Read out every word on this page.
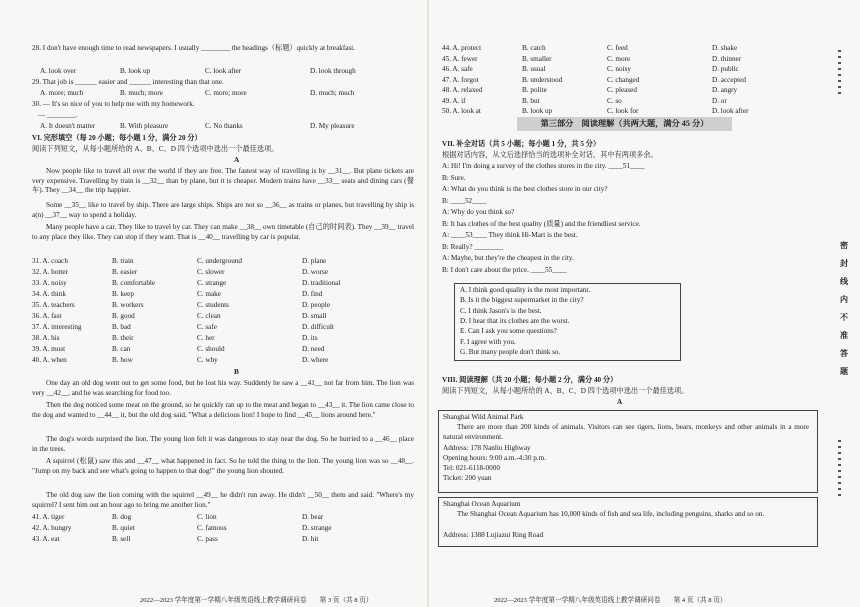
28. I don't have enough time to read newspapers. I usually ________ the headings（标题）quickly at breakfast.
A. look over	B. look up	C. look after	D. look through
29. That job is ______ easier and ______ interesting than that one.
A. more; much	B. much; more	C. more; more	D. much; much
30. — It's so nice of you to help me with my homework.
— ________.
A. It doesn't matter	B. With pleasure	C. No thanks	D. My pleasure
VI. 完形填空（每 20 小题；每小题 1 分，满分 20 分）
阅读下列短文，从每小题所给的 A、B、C、D 四个选项中选出一个最佳选项。
A
Now people like to travel all over the world if they are free. The fastest way of travelling is by __31__. But plane tickets are very expensive. Travelling by train is __32__ than by plane, but it is cheaper. Modern trains have __33__ seats and dining cars (餐车). They __34__ the trip happier.
Some __35__ like to travel by ship. There are large ships. Ships are not so __36__ as trains or planes, but travelling by ship is a(n) __37__ way to spend a holiday.
Many people have a car. They like to travel by car. They can make __38__ own timetable (自己的时间表). They __39__ travel to any place they like. They can stop if they want. That is __40__ travelling by car is popular.
31. A. coach	B. train	C. underground	D. plane
32. A. hotter	B. easier	C. slower	D. worse
33. A. noisy	B. comfortable	C. strange	D. traditional
34. A. think	B. keep	C. make	D. find
35. A. teachers	B. workers	C. students	D. people
36. A. fast	B. good	C. clean	D. small
37. A. interesting	B. bad	C. safe	D. difficult
38. A. his	B. their	C. her	D. its
39. A. must	B. can	C. should	D. need
40. A. when	B. how	C. why	D. where
B
One day an old dog went out to get some food, but he lost his way. Suddenly he saw a __41__ not far from him. The lion was very __42__, and he was searching for food too.
Then the dog noticed some meat on the ground, so he quickly ran up to the meat and began to __43__ it. The lion came close to the dog and wanted to __44__ it, but the old dog said, "What a delicious lion! I hope to find __45__ lions around here."
The dog's words surprised the lion. The young lion felt it was dangerous to stay near the dog. So he hurried to a __46__ place in the trees.
A squirrel (松鼠) saw this and __47__ what happened in fact. So he told the thing to the lion. The young lion was so __48__. "Jump on my back and see what's going to happen to that dog!" the young lion shouted.
The old dog saw the lion coming with the squirrel __49__ he didn't run away. He didn't __50__ them and said. "Where's my squirrel? I sent him out an hour ago to bring me another lion."
41. A. tiger	B. dog	C. lion	D. bear
42. A. hungry	B. quiet	C. famous	D. strange
43. A. eat	B. sell	C. pass	D. hit
2022—2023 学年度第一学期八年级英语线上教学调研问卷　　第 3 页（共 8 页）
44. A. protect	B. catch	C. feed	D. shake
45. A. fewer	B. smaller	C. more	D. thinner
46. A. safe	B. usual	C. noisy	D. public
47. A. forgot	B. understood	C. changed	D. accepted
48. A. relaxed	B. polite	C. pleased	D. angry
49. A. if	B. but	C. so	D. or
50. A. look at	B. look up	C. look for	D. look after
第三部分　阅读理解（共两大题，满分 45 分）
VII. 补全对话（共 5 小题；每小题 1 分，共 5 分）
根据对话内容，从文后选择恰当的选项补全对话，其中有两项多余。
A: Hi! I'm doing a survey of the clothes stores in the city. ____51____
B: Sure.
A: What do you think is the best clothes store in our city?
B: ____52____
A: Why do you think so?
B: It has clothes of the best quality (质量) and the friendliest service.
A: ____53____ They think Hi-Mart is the best.
B: Really? ________
A: Maybe, but they're the cheapest in the city.
B: I don't care about the price. ____55____
A. I think good quality is the most important.
B. Is it the biggest supermarket in the city?
C. I think Jason's is the best.
D. I hear that its clothes are the worst.
E. Can I ask you some questions?
F. I agree with you.
G. But many people don't think so.
VIII. 阅读理解（共 20 小题；每小题 2 分，满分 40 分）
阅读下列短文，从每小题所给的 A、B、C、D 四个选项中选出一个最佳选项。
A
Shanghai Wild Animal Park
There are more than 200 kinds of animals. Visitors can see tigers, lions, bears, monkeys and other animals in a more natural environment.
Address: 178 Nanliu Highway
Opening hours: 9:00 a.m.-4:30 p.m.
Tel: 021-6118-0000
Ticket: 200 yuan
Shanghai Ocean Aquarium
The Shanghai Ocean Aquarium has 10,000 kinds of fish and sea life, including penguins, sharks and so on.
Address: 1388 Lujiazui Ring Road
2022—2023 学年度第一学期八年级英语线上教学调研问卷　　第 4 页（共 8 页）
密
封
线
内
不
准
答
题
